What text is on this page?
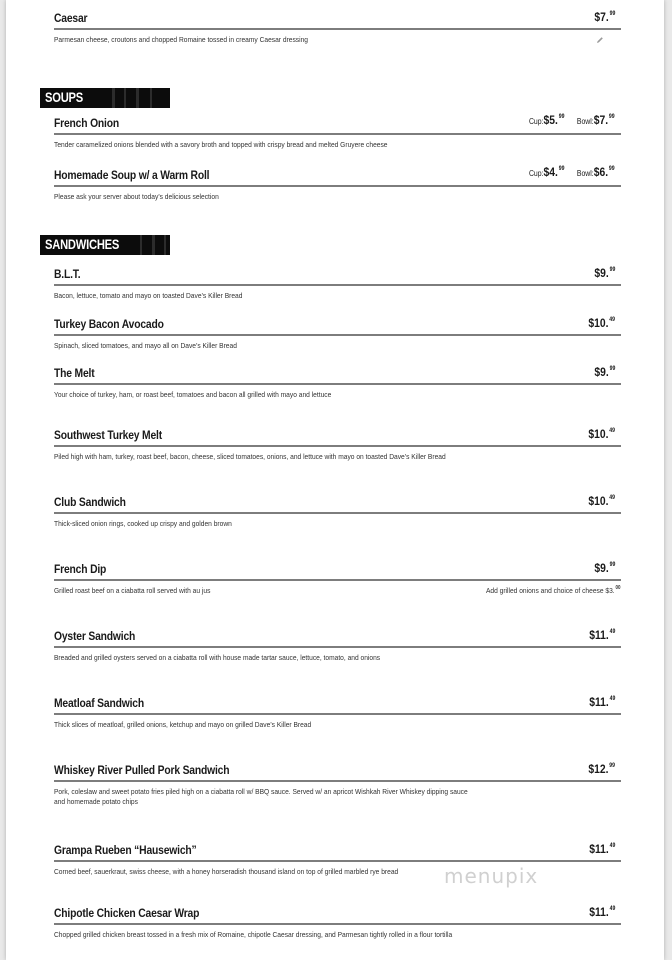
Caesar	$7.99
Parmesan cheese, croutons and chopped Romaine tossed in creamy Caesar dressing
SOUPS
French Onion	Cup:$5.99 Bowl:$7.99
Tender caramelized onions blended with a savory broth and topped with crispy bread and melted Gruyere cheese
Homemade Soup w/ a Warm Roll	Cup:$4.99 Bowl:$6.99
Please ask your server about today’s delicious selection
SANDWICHES
B.L.T.	$9.99
Bacon, lettuce, tomato and mayo on toasted Dave’s Killer Bread
Turkey Bacon Avocado	$10.49
Spinach, sliced tomatoes, and mayo all on Dave’s Killer Bread
The Melt	$9.99
Your choice of turkey, ham, or roast beef, tomatoes and bacon all grilled with mayo and lettuce
Southwest Turkey Melt	$10.49
Piled high with ham, turkey, roast beef, bacon, cheese, sliced tomatoes, onions, and lettuce with mayo on toasted Dave’s Killer Bread
Club Sandwich	$10.49
Thick-sliced onion rings, cooked up crispy and golden brown
French Dip	$9.99
Grilled roast beef on a ciabatta roll served with au jus	Add grilled onions and choice of cheese $3.00
Oyster Sandwich	$11.49
Breaded and grilled oysters served on a ciabatta roll with house made tartar sauce, lettuce, tomato, and onions
Meatloaf Sandwich	$11.49
Thick slices of meatloaf, grilled onions, ketchup and mayo on grilled Dave’s Killer Bread
Whiskey River Pulled Pork Sandwich	$12.99
Pork, coleslaw and sweet potato fries piled high on a ciabatta roll w/ BBQ sauce. Served w/ an apricot Wishkah River Whiskey dipping sauce and homemade potato chips
Grampa Rueben “Hausewich”	$11.49
Corned beef, sauerkraut, swiss cheese, with a honey horseradish thousand island on top of grilled marbled rye bread
Chipotle Chicken Caesar Wrap	$11.49
Chopped grilled chicken breast tossed in a fresh mix of Romaine, chipotle Caesar dressing, and Parmesan tightly rolled in a flour tortilla
menupix
